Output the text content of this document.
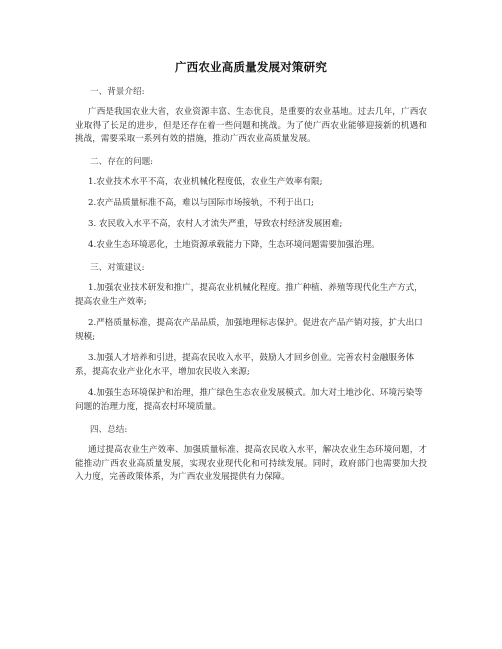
广西农业高质量发展对策研究
一、背景介绍:
广西是我国农业大省，农业资源丰富、生态优良，是重要的农业基地。过去几年，广西农业取得了长足的进步，但是还存在着一些问题和挑战。为了使广西农业能够迎接新的机遇和挑战，需要采取一系列有效的措施，推动广西农业高质量发展。
二、存在的问题:
1.农业技术水平不高，农业机械化程度低，农业生产效率有限;
2.农产品质量标准不高，难以与国际市场接轨，不利于出口;
3. 农民收入水平不高，农村人才流失严重，导致农村经济发展困难;
4.农业生态环境恶化，土地资源承载能力下降，生态环境问题需要加强治理。
三、对策建议:
1.加强农业技术研发和推广，提高农业机械化程度。推广种植、养殖等现代化生产方式，提高农业生产效率;
2.严格质量标准，提高农产品品质，加强地理标志保护。促进农产品产销对接，扩大出口规模;
3.加强人才培养和引进，提高农民收入水平，鼓励人才回乡创业。完善农村金融服务体系，提高农业产业化水平，增加农民收入来源;
4.加强生态环境保护和治理，推广绿色生态农业发展模式。加大对土地沙化、环境污染等问题的治理力度，提高农村环境质量。
四、总结:
通过提高农业生产效率、加强质量标准、提高农民收入水平，解决农业生态环境问题，才能推动广西农业高质量发展，实现农业现代化和可持续发展。同时，政府部门也需要加大投入力度，完善政策体系，为广西农业发展提供有力保障。
